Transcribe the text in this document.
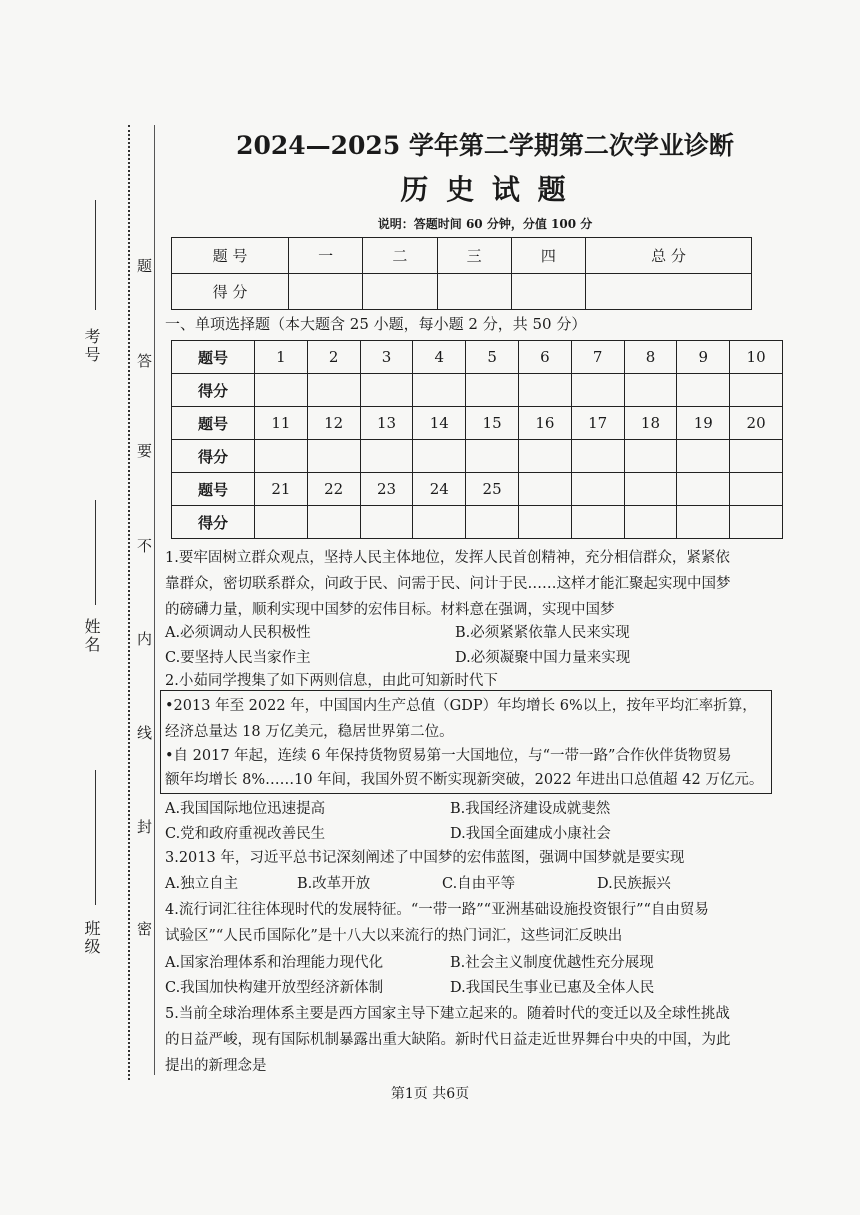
考号
姓名
班级
题
答
要
不
内
线
封
密
2024—2025 学年第二学期第二次学业诊断
历 史 试 题
说明：答题时间 60 分钟，分值 100 分
题 号	一	二	三	四	总 分
得 分					
一、单项选择题（本大题含 25 小题，每小题 2 分，共 50 分）
题号	1	2	3	4	5	6	7	8	9	10
得分										
题号	11	12	13	14	15	16	17	18	19	20
得分										
题号	21	22	23	24	25					
得分										
1.要牢固树立群众观点，坚持人民主体地位，发挥人民首创精神，充分相信群众，紧紧依
靠群众，密切联系群众，问政于民、问需于民、问计于民……这样才能汇聚起实现中国梦
的磅礴力量，顺利实现中国梦的宏伟目标。材料意在强调，实现中国梦
A.必须调动人民积极性	B.必须紧紧依靠人民来实现
C.要坚持人民当家作主	D.必须凝聚中国力量来实现
2.小茹同学搜集了如下两则信息，由此可知新时代下
•2013 年至 2022 年，中国国内生产总值（GDP）年均增长 6%以上，按年平均汇率折算，
经济总量达 18 万亿美元，稳居世界第二位。
•自 2017 年起，连续 6 年保持货物贸易第一大国地位，与“一带一路”合作伙伴货物贸易
额年均增长 8%……10 年间，我国外贸不断实现新突破，2022 年进出口总值超 42 万亿元。
A.我国国际地位迅速提高	B.我国经济建设成就斐然
C.党和政府重视改善民生	D.我国全面建成小康社会
3.2013 年，习近平总书记深刻阐述了中国梦的宏伟蓝图，强调中国梦就是要实现
A.独立自主	B.改革开放	C.自由平等	D.民族振兴
4.流行词汇往往体现时代的发展特征。“一带一路”“亚洲基础设施投资银行”“自由贸易
试验区”“人民币国际化”是十八大以来流行的热门词汇，这些词汇反映出
A.国家治理体系和治理能力现代化	B.社会主义制度优越性充分展现
C.我国加快构建开放型经济新体制	D.我国民生事业已惠及全体人民
5.当前全球治理体系主要是西方国家主导下建立起来的。随着时代的变迁以及全球性挑战
的日益严峻，现有国际机制暴露出重大缺陷。新时代日益走近世界舞台中央的中国，为此
提出的新理念是
第1页 共6页
